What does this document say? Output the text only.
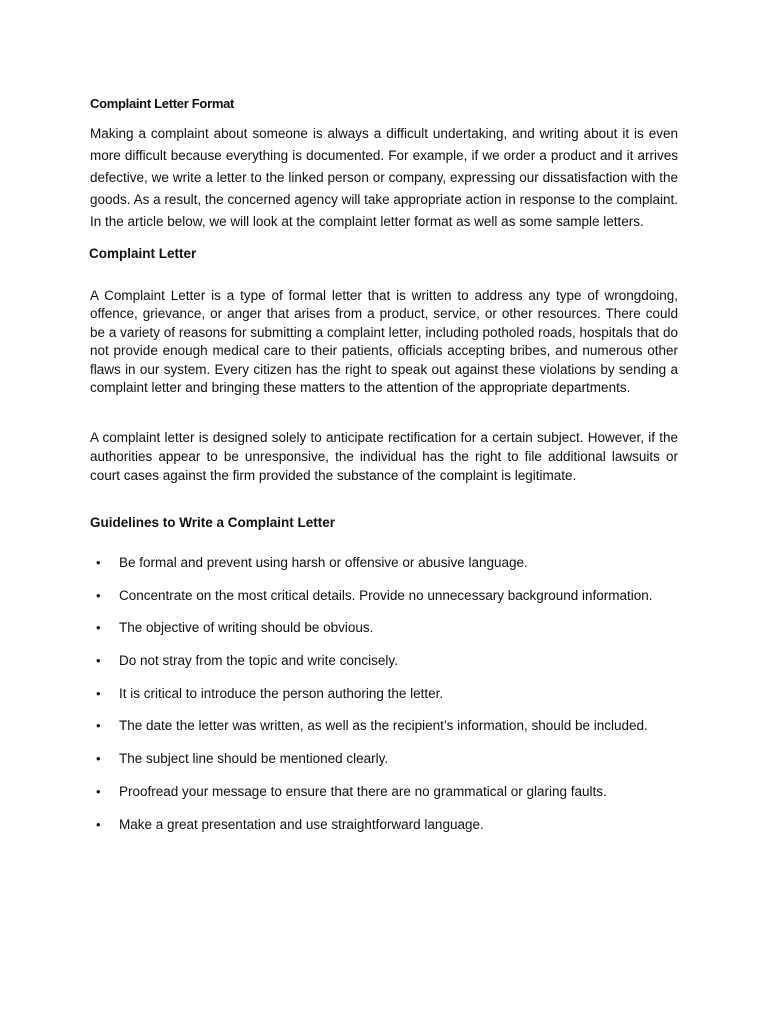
Complaint Letter Format

Making a complaint about someone is always a difficult undertaking, and writing about it is even more difficult because everything is documented. For example, if we order a product and it arrives defective, we write a letter to the linked person or company, expressing our dissatisfaction with the goods. As a result, the concerned agency will take appropriate action in response to the complaint. In the article below, we will look at the complaint letter format as well as some sample letters.

Complaint Letter

A Complaint Letter is a type of formal letter that is written to address any type of wrongdoing, offence, grievance, or anger that arises from a product, service, or other resources. There could be a variety of reasons for submitting a complaint letter, including potholed roads, hospitals that do not provide enough medical care to their patients, officials accepting bribes, and numerous other flaws in our system. Every citizen has the right to speak out against these violations by sending a complaint letter and bringing these matters to the attention of the appropriate departments.

A complaint letter is designed solely to anticipate rectification for a certain subject. However, if the authorities appear to be unresponsive, the individual has the right to file additional lawsuits or court cases against the firm provided the substance of the complaint is legitimate.

Guidelines to Write a Complaint Letter
• Be formal and prevent using harsh or offensive or abusive language.
• Concentrate on the most critical details. Provide no unnecessary background information.
• The objective of writing should be obvious.
• Do not stray from the topic and write concisely.
• It is critical to introduce the person authoring the letter.
• The date the letter was written, as well as the recipient’s information, should be included.
• The subject line should be mentioned clearly.
• Proofread your message to ensure that there are no grammatical or glaring faults.
• Make a great presentation and use straightforward language.
